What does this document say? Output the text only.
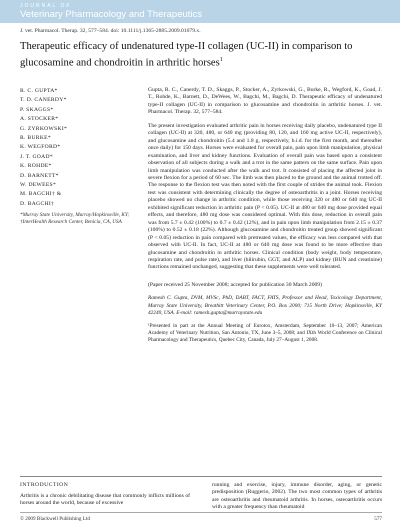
JOURNAL OF
Veterinary Pharmacology and Therapeutics
J. vet. Pharmacol. Therap. 32, 577–584. doi: 10.1111/j.1365-2885.2009.01079.x.
Therapeutic efficacy of undenatured type-II collagen (UC-II) in comparison to glucosamine and chondroitin in arthritic horses$^1$
R. C. GUPTA*
T. D. CANERDY*
P. SKAGGS*
A. STOCKER*
G. ZYRKOWSKI*
R. BURKE*
K. WEGFORD*
J. T. GOAD*
K. ROHDE*
D. BARNETT*
W. DEWEES*
M. BAGCHI† &
D. BAGCHI†
*Murray State University, Murray/Hopkinsville, KY; †InterHealth Research Center, Benicia, CA, USA

Gupta, R. C., Canerdy, T. D., Skaggs, P., Stocker, A., Zyrkowski, G., Burke, R., Wegford, K., Goad, J. T., Rohde, K., Barnett, D., DeWees, W., Bagchi, M., Bagchi, D. Therapeutic efficacy of undenatured type-II collagen (UC-II) in comparison to glucosamine and chondroitin in arthritic horses. J. vet. Pharmacol. Therap. 32, 577–584.

The present investigation evaluated arthritic pain in horses receiving daily placebo, undenatured type II collagen (UC-II) at 320, 480, or 640 mg (providing 80, 120, and 160 mg active UC-II, respectively), and glucosamine and chondroitin (5.4 and 1.8 g, respectively, b.i.d. for the first month, and thereafter once daily) for 150 days. Horses were evaluated for overall pain, pain upon limb manipulation, physical examination, and liver and kidney functions. Evaluation of overall pain was based upon a consistent observation of all subjects during a walk and a trot in the same pattern on the same surface. Pain upon limb manipulation was conducted after the walk and trot. It consisted of placing the affected joint in severe flexion for a period of 60 sec. The limb was then placed to the ground and the animal trotted off. The response to the flexion test was then noted with the first couple of strides the animal took. Flexion test was consistent with determining clinically the degree of osteoarthritis in a joint. Horses receiving placebo showed no change in arthritic condition, while those receiving 320 or 480 or 640 mg UC-II exhibited significant reduction in arthritic pain (P < 0.05). UC-II at 480 or 640 mg dose provided equal effects, and therefore, 480 mg dose was considered optimal. With this dose, reduction in overall pain was from 5.7 ± 0.42 (100%) to 0.7 ± 0.42 (12%), and in pain upon limb manipulation from 2.15 ± 0.37 (100%) to 0.52 ± 0.18 (22%). Although glucosamine and chondroitin treated group showed significant (P < 0.05) reduction in pain compared with pretreated values, the efficacy was less compared with that observed with UC-II. In fact, UC-II at 480 or 640 mg dose was found to be more effective than glucosamine and chondroitin in arthritic horses. Clinical condition (body weight, body temperature, respiration rate, and pulse rate), and liver (bilirubin, GGT, and ALP) and kidney (BUN and creatinine) functions remained unchanged, suggesting that these supplements were well tolerated.

(Paper received 25 November 2008; accepted for publication 30 March 2009)

Ramesh C. Gupta, DVM, MVSc, PhD, DABT, FACT, FATS, Professor and Head, Toxicology Department, Murray State University, Breathitt Veterinary Center, P.O. Box 2000; 715 North Drive; Hopkinsville, KY 42240, USA. E-mail: ramesh.gupta@murraystate.edu

¹Presented in part at the Annual Meeting of Eurotox, Amsterdam, September 10–13, 2007; American Academy of Veterinary Nutrition, San Antonio, TX, June 3–5, 2008; and IXth World Conference on Clinical Pharmacology and Therapeutics, Quebec City, Canada, July 27–August 1, 2008.

INTRODUCTION

Arthritis is a chronic debilitating disease that commonly inflicts millions of horses around the world, because of excessive

running and exercise, injury, immune disorder, aging, or genetic predisposition (Ruggerio, 2002). The two most common types of arthritis are osteoarthritis and rheumatoid arthritis. In horses, osteoarthritis occurs with a greater frequency than rheumatoid

© 2009 Blackwell Publishing Ltd	577
